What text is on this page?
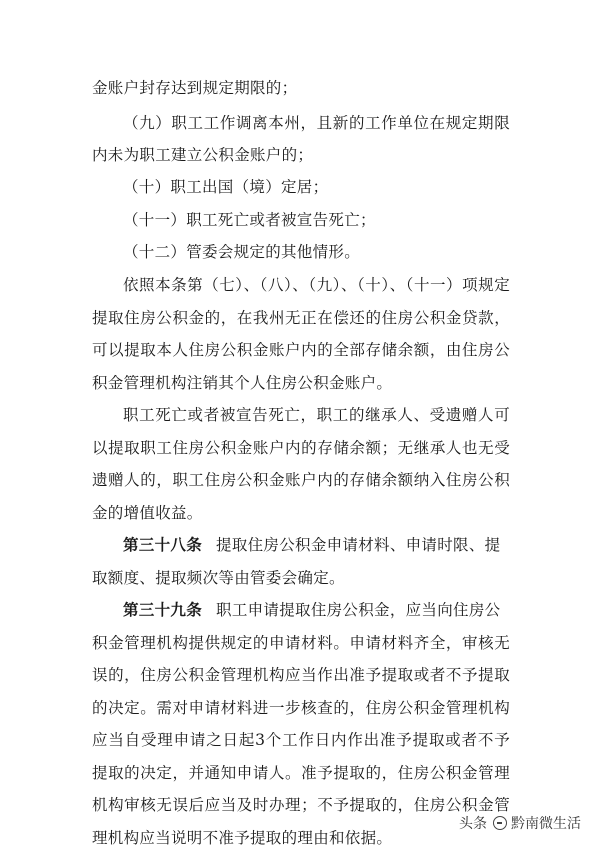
金账户封存达到规定期限的；
（九）职工工作调离本州，且新的工作单位在规定期限
内未为职工建立公积金账户的；
（十）职工出国（境）定居；
（十一）职工死亡或者被宣告死亡；
（十二）管委会规定的其他情形。
依照本条第（七）、（八）、（九）、（十）、（十一）项规定
提取住房公积金的，在我州无正在偿还的住房公积金贷款，
可以提取本人住房公积金账户内的全部存储余额，由住房公
积金管理机构注销其个人住房公积金账户。
职工死亡或者被宣告死亡，职工的继承人、受遗赠人可
以提取职工住房公积金账户内的存储余额；无继承人也无受
遗赠人的，职工住房公积金账户内的存储余额纳入住房公积
金的增值收益。
第三十八条 提取住房公积金申请材料、申请时限、提
取额度、提取频次等由管委会确定。
第三十九条 职工申请提取住房公积金，应当向住房公
积金管理机构提供规定的申请材料。申请材料齐全，审核无
误的，住房公积金管理机构应当作出准予提取或者不予提取
的决定。需对申请材料进一步核查的，住房公积金管理机构
应当自受理申请之日起3个工作日内作出准予提取或者不予
提取的决定，并通知申请人。准予提取的，住房公积金管理
机构审核无误后应当及时办理；不予提取的，住房公积金管
理机构应当说明不准予提取的理由和依据。
头条 黔南微生活
